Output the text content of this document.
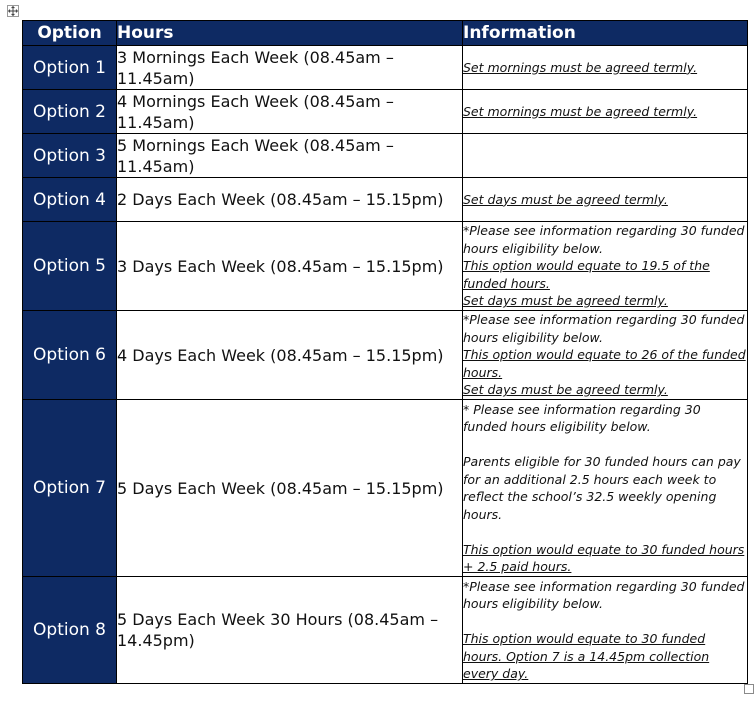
Option	Hours	Information
Option 1	3 Mornings Each Week (08.45am – 11.45am)	Set mornings must be agreed termly.

Option 2	4 Mornings Each Week (08.45am – 11.45am)	Set mornings must be agreed termly.

Option 3	5 Mornings Each Week (08.45am – 11.45am)	
Option 4	2 Days Each Week (08.45am – 15.15pm)	Set days must be agreed termly.

Option 5	3 Days Each Week (08.45am – 15.15pm)	*Please see information regarding 30 funded hours eligibility below.
This option would equate to 19.5 of the funded hours.
Set days must be agreed termly.

Option 6	4 Days Each Week (08.45am – 15.15pm)	*Please see information regarding 30 funded hours eligibility below.
This option would equate to 26 of the funded hours.
Set days must be agreed termly.

Option 7	5 Days Each Week (08.45am – 15.15pm)	* Please see information regarding 30 funded hours eligibility below.
Parents eligible for 30 funded hours can pay for an additional 2.5 hours each week to reflect the school’s 32.5 weekly opening hours.
This option would equate to 30 funded hours + 2.5 paid hours.

Option 8	5 Days Each Week 30 Hours (08.45am – 14.45pm)	*Please see information regarding 30 funded hours eligibility below.
This option would equate to 30 funded hours. Option 7 is a 14.45pm collection every day.
